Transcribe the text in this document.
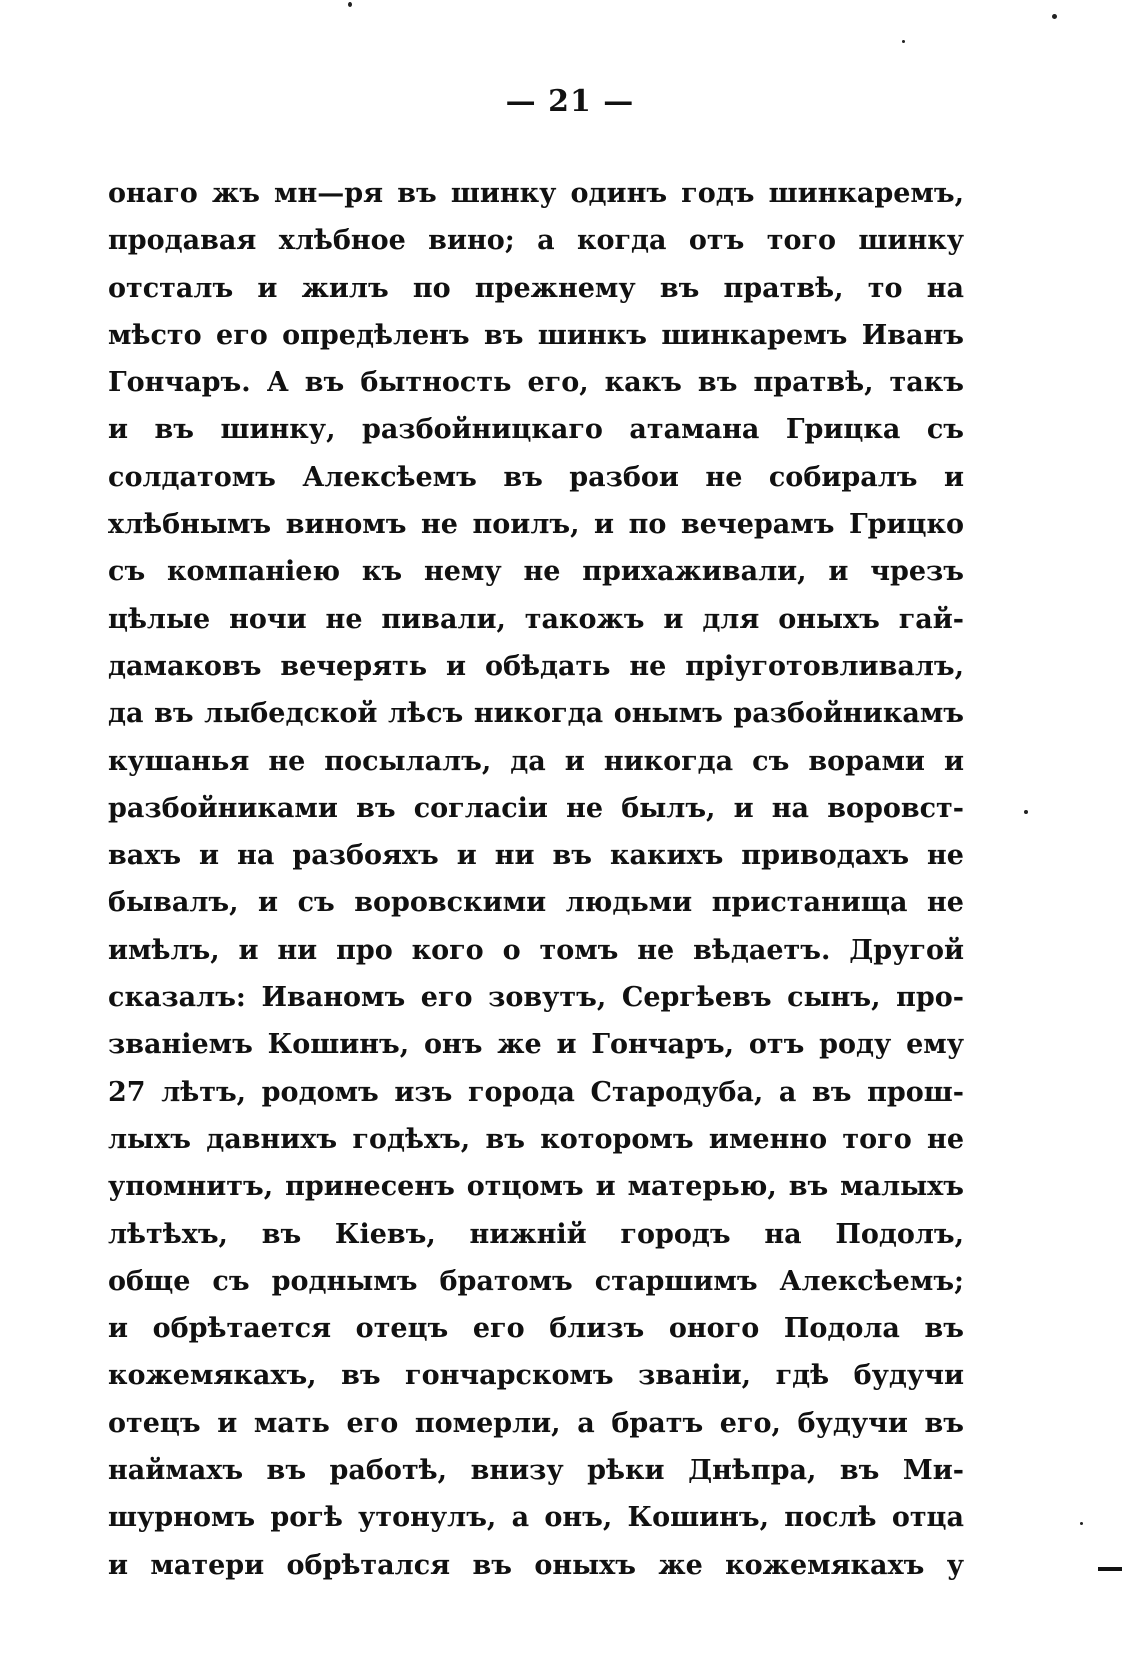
— 21 —
онаго жъ мн—ря въ шинку одинъ годъ шинкаремъ,
продавая хлѣбное вино; а когда отъ того шинку
отсталъ и жилъ по прежнему въ пратвѣ, то на
мѣсто его опредѣленъ въ шинкъ шинкаремъ Иванъ
Гончаръ. А въ бытность его, какъ въ пратвѣ, такъ
и въ шинку, разбойницкаго атамана Грицка съ
солдатомъ Алексѣемъ въ разбои не собиралъ и
хлѣбнымъ виномъ не поилъ, и по вечерамъ Грицко
съ компаніею къ нему не прихаживали, и чрезъ
цѣлые ночи не пивали, такожъ и для оныхъ гай-
дамаковъ вечерять и обѣдать не пріуготовливалъ,
да въ лыбедской лѣсъ никогда онымъ разбойникамъ
кушанья не посылалъ, да и никогда съ ворами и
разбойниками въ согласіи не былъ, и на воровст-
вахъ и на разбояхъ и ни въ какихъ приводахъ не
бывалъ, и съ воровскими людьми пристанища не
имѣлъ, и ни про кого о томъ не вѣдаетъ. Другой
сказалъ: Иваномъ его зовутъ, Сергѣевъ сынъ, про-
званіемъ Кошинъ, онъ же и Гончаръ, отъ роду ему
27 лѣтъ, родомъ изъ города Стародуба, а въ прош-
лыхъ давнихъ годѣхъ, въ которомъ именно того не
упомнитъ, принесенъ отцомъ и матерью, въ малыхъ
лѣтѣхъ, въ Кіевъ, нижній городъ на Подолъ,
обще съ роднымъ братомъ старшимъ Алексѣемъ;
и обрѣтается отецъ его близъ оного Подола въ
кожемякахъ, въ гончарскомъ званіи, гдѣ будучи
отецъ и мать его померли, а братъ его, будучи въ
наймахъ въ работѣ, внизу рѣки Днѣпра, въ Ми-
шурномъ рогѣ утонулъ, а онъ, Кошинъ, послѣ отца
и матери обрѣтался въ оныхъ же кожемякахъ у
